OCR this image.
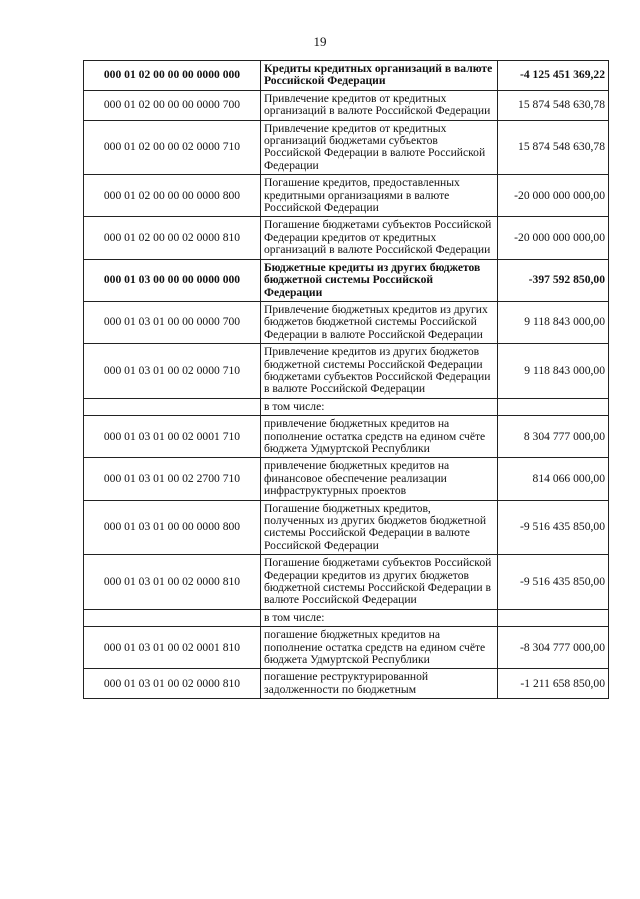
19
000 01 02 00 00 00 0000 000	Кредиты кредитных организаций в валюте Российской Федерации	-4 125 451 369,22
000 01 02 00 00 00 0000 700	Привлечение кредитов от кредитных организаций в валюте Российской Федерации	15 874 548 630,78
000 01 02 00 00 02 0000 710	Привлечение кредитов от кредитных организаций бюджетами субъектов Российской Федерации в валюте Российской Федерации	15 874 548 630,78
000 01 02 00 00 00 0000 800	Погашение кредитов, предоставленных кредитными организациями в валюте Российской Федерации	-20 000 000 000,00
000 01 02 00 00 02 0000 810	Погашение бюджетами субъектов Российской Федерации кредитов от кредитных организаций в валюте Российской Федерации	-20 000 000 000,00
000 01 03 00 00 00 0000 000	Бюджетные кредиты из других бюджетов бюджетной системы Российской Федерации	-397 592 850,00
000 01 03 01 00 00 0000 700	Привлечение бюджетных кредитов из других бюджетов бюджетной системы Российской Федерации в валюте Российской Федерации	9 118 843 000,00
000 01 03 01 00 02 0000 710	Привлечение кредитов из других бюджетов бюджетной системы Российской Федерации бюджетами субъектов Российской Федерации в валюте Российской Федерации	9 118 843 000,00
	в том числе:	
000 01 03 01 00 02 0001 710	привлечение бюджетных кредитов на пополнение остатка средств на едином счёте бюджета Удмуртской Республики	8 304 777 000,00
000 01 03 01 00 02 2700 710	привлечение бюджетных кредитов на финансовое обеспечение реализации инфраструктурных проектов	814 066 000,00
000 01 03 01 00 00 0000 800	Погашение бюджетных кредитов, полученных из других бюджетов бюджетной системы Российской Федерации в валюте Российской Федерации	-9 516 435 850,00
000 01 03 01 00 02 0000 810	Погашение бюджетами субъектов Российской Федерации кредитов из других бюджетов бюджетной системы Российской Федерации в валюте Российской Федерации	-9 516 435 850,00
	в том числе:	
000 01 03 01 00 02 0001 810	погашение бюджетных кредитов на пополнение остатка средств на едином счёте бюджета Удмуртской Республики	-8 304 777 000,00
000 01 03 01 00 02 0000 810	погашение реструктурированной задолженности по бюджетным	-1 211 658 850,00
